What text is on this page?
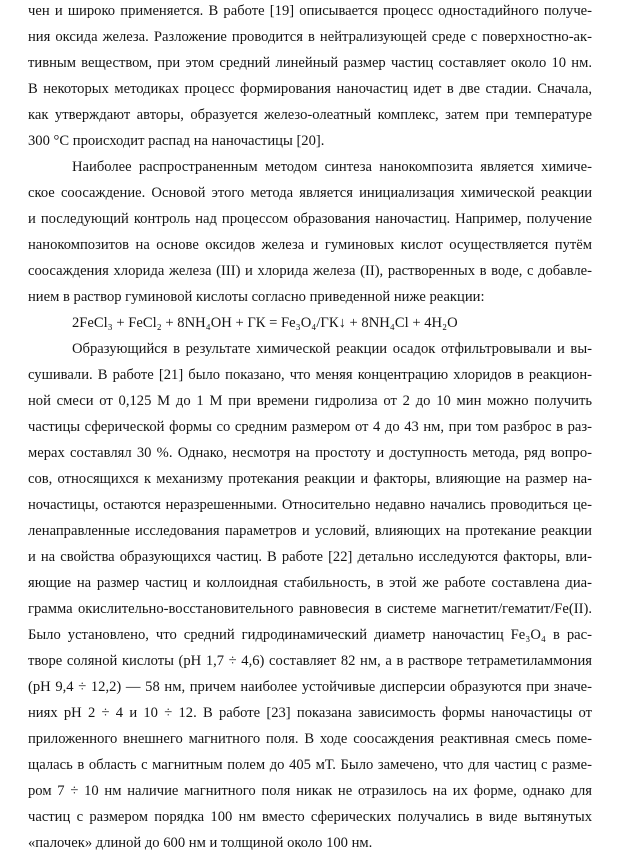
чен и широко применяется. В работе [19] описывается процесс одностадийного получе-
ния оксида железа. Разложение проводится в нейтрализующей среде с поверхностно-ак-
тивным веществом, при этом средний линейный размер частиц составляет около 10 нм.
В некоторых методиках процесс формирования наночастиц идет в две стадии. Сначала,
как утверждают авторы, образуется железо-олеатный комплекс, затем при температуре
300 °С происходит распад на наночастицы [20].
Наиболее распространенным методом синтеза нанокомпозита является химиче-
ское соосаждение. Основой этого метода является инициализация химической реакции
и последующий контроль над процессом образования наночастиц. Например, получение
нанокомпозитов на основе оксидов железа и гуминовых кислот осуществляется путём
соосаждения хлорида железа (III) и хлорида железа (II), растворенных в воде, с добавле-
нием в раствор гуминовой кислоты согласно приведенной ниже реакции:
2FeCl₃ + FeCl₂ + 8NH₄OH + ГК = Fe₃O₄/ГК↓ + 8NH₄Cl + 4H₂O
Образующийся в результате химической реакции осадок отфильтровывали и вы-
сушивали. В работе [21] было показано, что меняя концентрацию хлоридов в реакцион-
ной смеси от 0,125 М до 1 М при времени гидролиза от 2 до 10 мин можно получить
частицы сферической формы со средним размером от 4 до 43 нм, при том разброс в раз-
мерах составлял 30 %. Однако, несмотря на простоту и доступность метода, ряд вопро-
сов, относящихся к механизму протекания реакции и факторы, влияющие на размер на-
ночастицы, остаются неразрешенными. Относительно недавно начались проводиться це-
ленаправленные исследования параметров и условий, влияющих на протекание реакции
и на свойства образующихся частиц. В работе [22] детально исследуются факторы, вли-
яющие на размер частиц и коллоидная стабильность, в этой же работе составлена диа-
грамма окислительно-восстановительного равновесия в системе магнетит/гематит/Fe(II).
Было установлено, что средний гидродинамический диаметр наночастиц Fe₃O₄ в рас-
творе соляной кислоты (pH 1,7 ÷ 4,6) составляет 82 нм, а в растворе тетраметиламмония
(pH 9,4 ÷ 12,2) — 58 нм, причем наиболее устойчивые дисперсии образуются при значе-
ниях pH 2 ÷ 4 и 10 ÷ 12. В работе [23] показана зависимость формы наночастицы от
приложенного внешнего магнитного поля. В ходе соосаждения реактивная смесь поме-
щалась в область с магнитным полем до 405 мТ. Было замечено, что для частиц с разме-
ром 7 ÷ 10 нм наличие магнитного поля никак не отразилось на их форме, однако для
частиц с размером порядка 100 нм вместо сферических получались в виде вытянутых
«палочек» длиной до 600 нм и толщиной около 100 нм.
